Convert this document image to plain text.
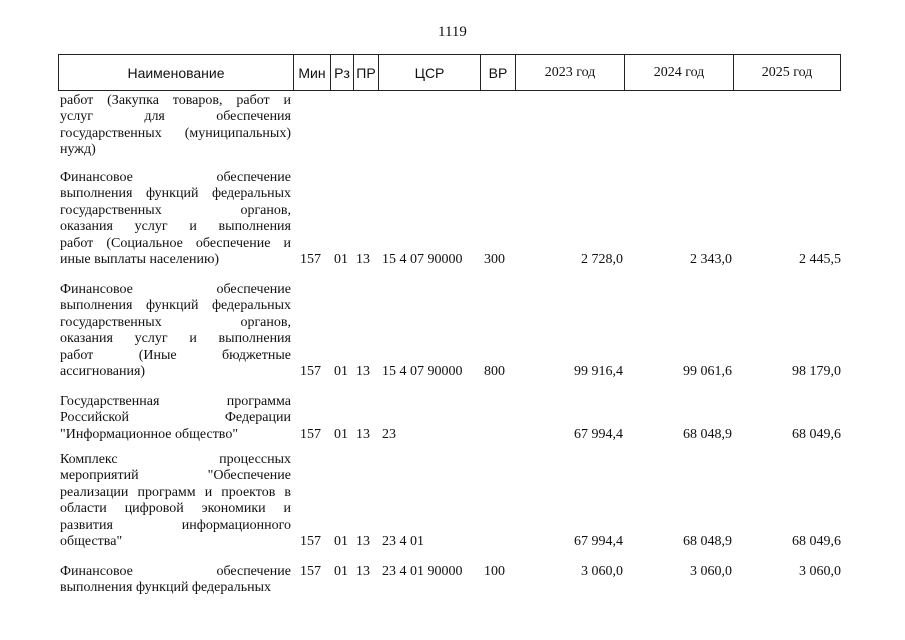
1119
Наименование	Мин Рз ПР	ЦСР	ВР	2023 год	2024 год	2025 год
работ (Закупка товаров, работ и
услуг для обеспечения
государственных (муниципальных)
нужд)
Финансовое обеспечение
выполнения функций федеральных
государственных органов,
оказания услуг и выполнения
работ (Социальное обеспечение и
иные выплаты населению)	157 01 13 15 4 07 90000 300	2 728,0	2 343,0	2 445,5
Финансовое обеспечение
выполнения функций федеральных
государственных органов,
оказания услуг и выполнения
работ (Иные бюджетные
ассигнования)	157 01 13 15 4 07 90000 800	99 916,4	99 061,6	98 179,0
Государственная программа
Российской Федерации
"Информационное общество"	157 01 13 23	67 994,4	68 048,9	68 049,6
Комплекс процессных
мероприятий "Обеспечение
реализации программ и проектов в
области цифровой экономики и
развития информационного
общества"	157 01 13 23 4 01	67 994,4	68 048,9	68 049,6
Финансовое обеспечение
выполнения функций федеральных
157 01 13 23 4 01 90000 100	3 060,0	3 060,0	3 060,0
